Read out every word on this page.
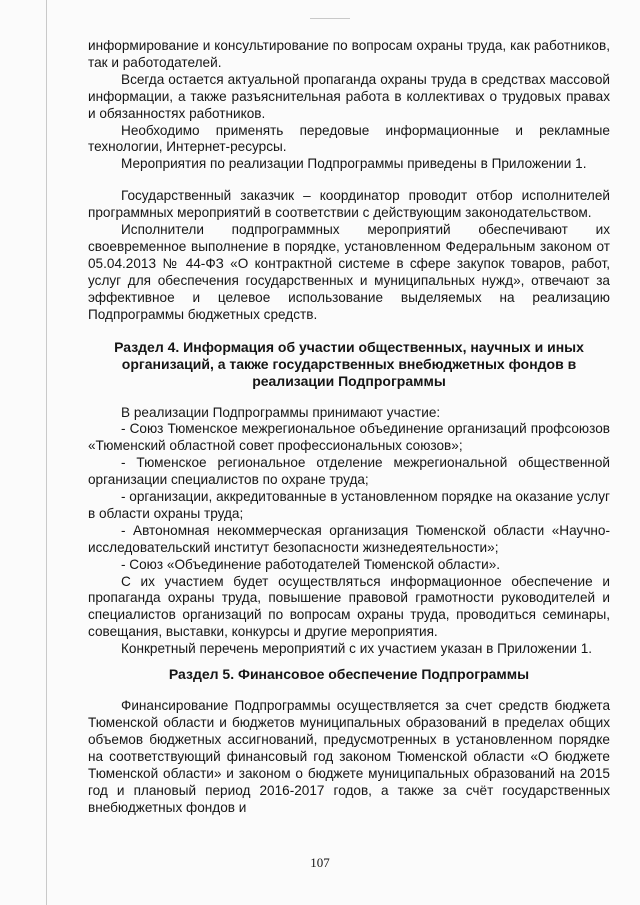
информирование и консультирование по вопросам охраны труда, как работников, так и работодателей.

Всегда остается актуальной пропаганда охраны труда в средствах массовой информации, а также разъяснительная работа в коллективах о трудовых правах и обязанностях работников.

Необходимо применять передовые информационные и рекламные технологии, Интернет-ресурсы.

Мероприятия по реализации Подпрограммы приведены в Приложении 1.

Государственный заказчик – координатор проводит отбор исполнителей программных мероприятий в соответствии с действующим законодательством.

Исполнители подпрограммных мероприятий обеспечивают их своевременное выполнение в порядке, установленном Федеральным законом от 05.04.2013 № 44-ФЗ «О контрактной системе в сфере закупок товаров, работ, услуг для обеспечения государственных и муниципальных нужд», отвечают за эффективное и целевое использование выделяемых на реализацию Подпрограммы бюджетных средств.

Раздел 4. Информация об участии общественных, научных и иных организаций, а также государственных внебюджетных фондов в реализации Подпрограммы

В реализации Подпрограммы принимают участие:

- Союз Тюменское межрегиональное объединение организаций профсоюзов «Тюменский областной совет профессиональных союзов»;

- Тюменское региональное отделение межрегиональной общественной организации специалистов по охране труда;

- организации, аккредитованные в установленном порядке на оказание услуг в области охраны труда;

- Автономная некоммерческая организация Тюменской области «Научно-исследовательский институт безопасности жизнедеятельности»;

- Союз «Объединение работодателей Тюменской области».

С их участием будет осуществляться информационное обеспечение и пропаганда охраны труда, повышение правовой грамотности руководителей и специалистов организаций по вопросам охраны труда, проводиться семинары, совещания, выставки, конкурсы и другие мероприятия.

Конкретный перечень мероприятий с их участием указан в Приложении 1.

Раздел 5. Финансовое обеспечение Подпрограммы

Финансирование Подпрограммы осуществляется за счет средств бюджета Тюменской области и бюджетов муниципальных образований в пределах общих объемов бюджетных ассигнований, предусмотренных в установленном порядке на соответствующий финансовый год законом Тюменской области «О бюджете Тюменской области» и законом о бюджете муниципальных образований на 2015 год и плановый период 2016-2017 годов, а также за счёт государственных внебюджетных фондов и

107
